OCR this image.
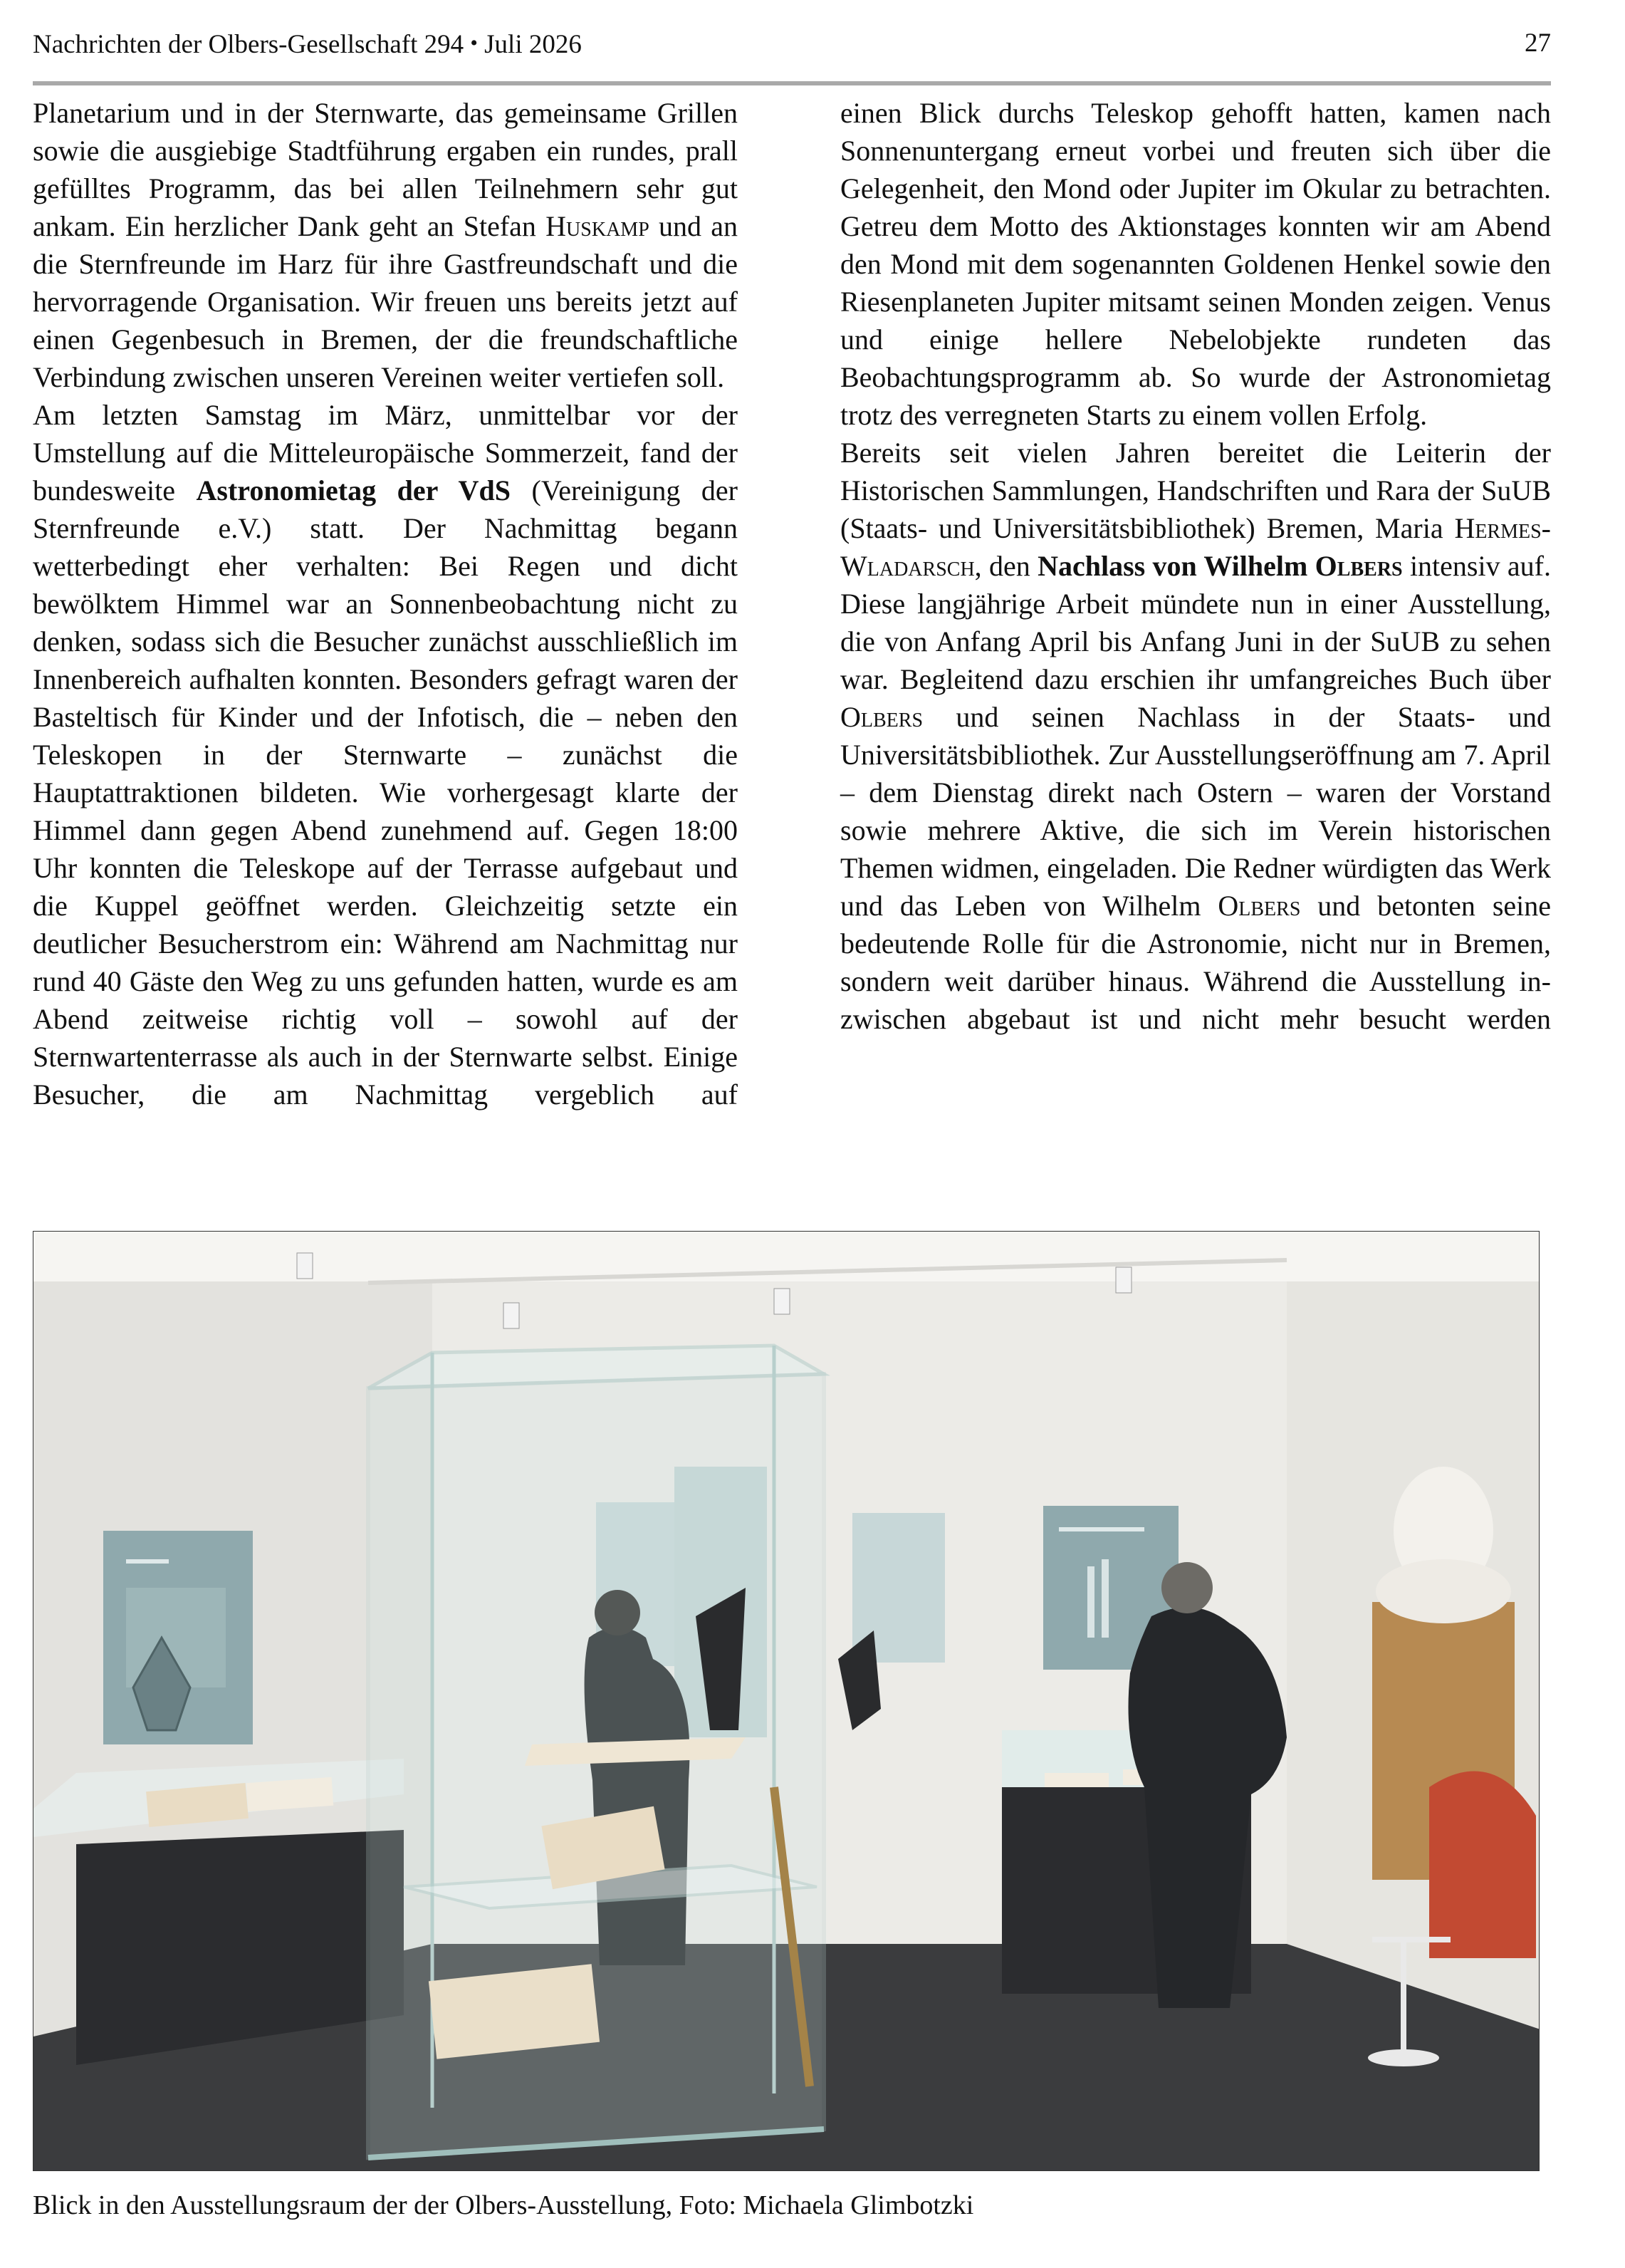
Nachrichten der Olbers-Gesellschaft 294 • Juli 2026	27

Planetarium und in der Sternwarte, das gemeinsame Grillen sowie die ausgiebige Stadtführung ergaben ein rundes, prall gefülltes Programm, das bei allen Teilnehmern sehr gut ankam. Ein herzlicher Dank geht an Stefan Huskamp und an die Sternfreunde im Harz für ihre Gastfreundschaft und die hervorragende Organisation. Wir freuen uns bereits jetzt auf einen Gegenbesuch in Bremen, der die freundschaftliche Verbindung zwischen unseren Vereinen weiter vertiefen soll.

Am letzten Samstag im März, unmittelbar vor der Umstellung auf die Mitteleuropäische Sommerzeit, fand der bundesweite Astronomietag der VdS (Vereinigung der Sternfreunde e.V.) statt. Der Nachmittag begann wetterbedingt eher verhalten: Bei Regen und dicht bewölktem Himmel war an Sonnenbeobachtung nicht zu denken, sodass sich die Besucher zunächst ausschließlich im Innenbereich aufhalten konnten. Besonders gefragt waren der Basteltisch für Kinder und der Infotisch, die – neben den Teleskopen in der Sternwarte – zunächst die Hauptattraktionen bildeten. Wie vorhergesagt klarte der Himmel dann gegen Abend zunehmend auf. Gegen 18:00 Uhr konnten die Teleskope auf der Terrasse aufgebaut und die Kuppel geöffnet werden. Gleichzeitig setzte ein deutlicher Besucherstrom ein: Während am Nachmittag nur rund 40 Gäste den Weg zu uns gefunden hatten, wurde es am Abend zeitweise richtig voll – sowohl auf der Sternwartenterrasse als auch in der Sternwarte selbst. Einige Besucher, die am Nachmittag vergeblich auf

einen Blick durchs Teleskop gehofft hatten, kamen nach Sonnenuntergang erneut vorbei und freuten sich über die Gelegenheit, den Mond oder Jupiter im Okular zu betrachten. Getreu dem Motto des Aktionstages konnten wir am Abend den Mond mit dem sogenannten Goldenen Henkel sowie den Riesenplaneten Jupiter mitsamt seinen Monden zeigen. Venus und einige hellere Nebelobjekte rundeten das Beobachtungsprogramm ab. So wurde der Astronomietag trotz des verregneten Starts zu einem vollen Erfolg.

Bereits seit vielen Jahren bereitet die Leiterin der Historischen Sammlungen, Handschriften und Rara der SuUB (Staats- und Universitätsbibliothek) Bremen, Maria Hermes-Wladarsch, den Nachlass von Wilhelm Olbers intensiv auf. Diese langjährige Arbeit mündete nun in einer Ausstellung, die von Anfang April bis Anfang Juni in der SuUB zu sehen war. Begleitend dazu erschien ihr umfangreiches Buch über Olbers und seinen Nachlass in der Staats- und Universitätsbibliothek. Zur Ausstellungseröffnung am 7. April – dem Dienstag direkt nach Ostern – waren der Vorstand sowie mehrere Aktive, die sich im Verein historischen Themen widmen, eingeladen. Die Redner würdigten das Werk und das Leben von Wilhelm Olbers und betonten seine bedeutende Rolle für die Astronomie, nicht nur in Bremen, sondern weit darüber hinaus. Während die Ausstellung inzwischen abgebaut ist und nicht mehr besucht werden

Blick in den Ausstellungsraum der der Olbers-Ausstellung, Foto: Michaela Glimbotzki
